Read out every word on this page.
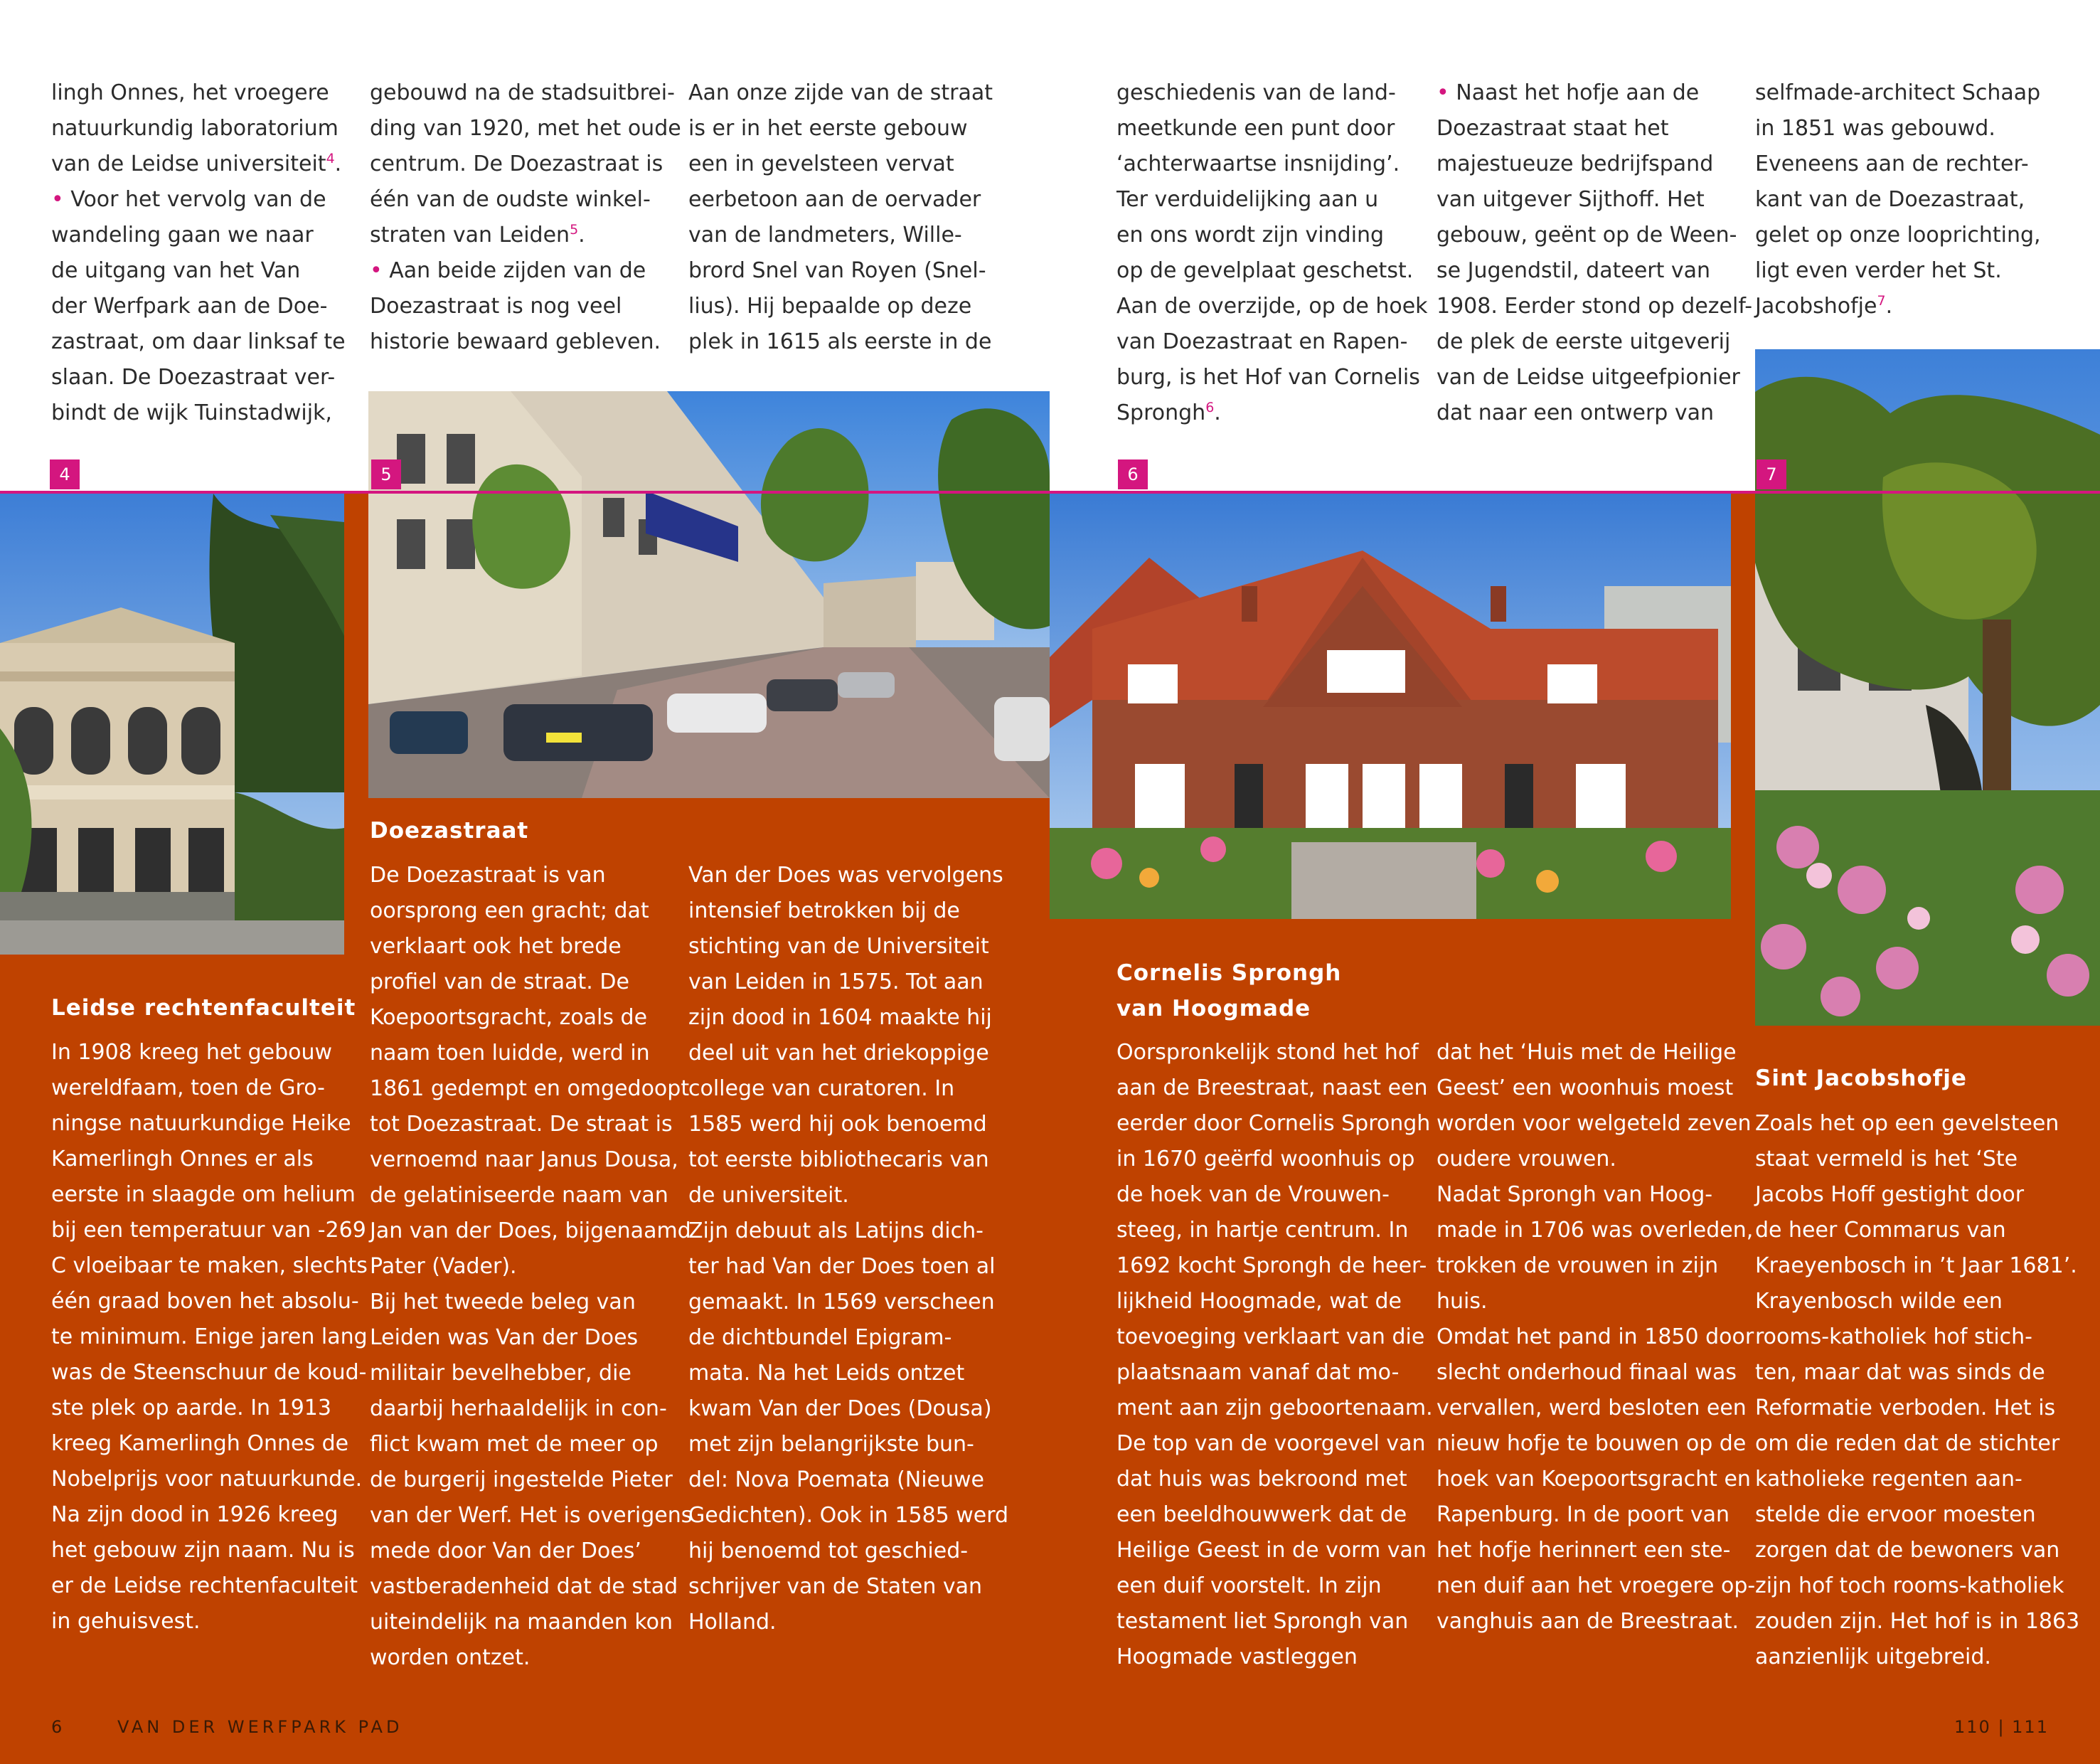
lingh Onnes, het vroegere
natuurkundig laboratorium
van de Leidse universiteit$^4$.
• Voor het vervolg van de
wandeling gaan we naar
de uitgang van het Van
der Werfpark aan de Doe-
zastraat, om daar linksaf te
slaan. De Doezastraat ver-
bindt de wijk Tuinstadwijk,
gebouwd na de stadsuitbrei-
ding van 1920, met het oude
centrum. De Doezastraat is
één van de oudste winkel-
straten van Leiden$^5$.
• Aan beide zijden van de
Doezastraat is nog veel
historie bewaard gebleven.
Aan onze zijde van de straat
is er in het eerste gebouw
een in gevelsteen vervat
eerbetoon aan de oervader
van de landmeters, Wille-
brord Snel van Royen (Snel-
lius). Hij bepaalde op deze
plek in 1615 als eerste in de
geschiedenis van de land-
meetkunde een punt door
‘achterwaartse insnijding’.
Ter verduidelijking aan u
en ons wordt zijn vinding
op de gevelplaat geschetst.
Aan de overzijde, op de hoek
van Doezastraat en Rapen-
burg, is het Hof van Cornelis
Sprongh$^6$.
• Naast het hofje aan de
Doezastraat staat het
majestueuze bedrijfspand
van uitgever Sijthoff. Het
gebouw, geënt op de Ween-
se Jugendstil, dateert van
1908. Eerder stond op dezelf-
de plek de eerste uitgeverij
van de Leidse uitgeefpionier
dat naar een ontwerp van
selfmade-architect Schaap
in 1851 was gebouwd.
Eveneens aan de rechter-
kant van de Doezastraat,
gelet op onze looprichting,
ligt even verder het St.
Jacobshofje$^7$.
4	5	6	7
Leidse rechtenfaculteit
In 1908 kreeg het gebouw
wereldfaam, toen de Gro-
ningse natuurkundige Heike
Kamerlingh Onnes er als
eerste in slaagde om helium
bij een temperatuur van -269
C vloeibaar te maken, slechts
één graad boven het absolu-
te minimum. Enige jaren lang
was de Steenschuur de koud-
ste plek op aarde. In 1913
kreeg Kamerlingh Onnes de
Nobelprijs voor natuurkunde.
Na zijn dood in 1926 kreeg
het gebouw zijn naam. Nu is
er de Leidse rechtenfaculteit
in gehuisvest.
Doezastraat
De Doezastraat is van
oorsprong een gracht; dat
verklaart ook het brede
profiel van de straat. De
Koepoortsgracht, zoals de
naam toen luidde, werd in
1861 gedempt en omgedoopt
tot Doezastraat. De straat is
vernoemd naar Janus Dousa,
de gelatiniseerde naam van
Jan van der Does, bijgenaamd
Pater (Vader).
Bij het tweede beleg van
Leiden was Van der Does
militair bevelhebber, die
daarbij herhaaldelijk in con-
flict kwam met de meer op
de burgerij ingestelde Pieter
van der Werf. Het is overigens
mede door Van der Does’
vastberadenheid dat de stad
uiteindelijk na maanden kon
worden ontzet.
Van der Does was vervolgens
intensief betrokken bij de
stichting van de Universiteit
van Leiden in 1575. Tot aan
zijn dood in 1604 maakte hij
deel uit van het driekoppige
college van curatoren. In
1585 werd hij ook benoemd
tot eerste bibliothecaris van
de universiteit.
Zijn debuut als Latijns dich-
ter had Van der Does toen al
gemaakt. In 1569 verscheen
de dichtbundel Epigram-
mata. Na het Leids ontzet
kwam Van der Does (Dousa)
met zijn belangrijkste bun-
del: Nova Poemata (Nieuwe
Gedichten). Ook in 1585 werd
hij benoemd tot geschied-
schrijver van de Staten van
Holland.
Cornelis Sprongh
van Hoogmade
Oorspronkelijk stond het hof
aan de Breestraat, naast een
eerder door Cornelis Sprongh
in 1670 geërfd woonhuis op
de hoek van de Vrouwen-
steeg, in hartje centrum. In
1692 kocht Sprongh de heer-
lijkheid Hoogmade, wat de
toevoeging verklaart van die
plaatsnaam vanaf dat mo-
ment aan zijn geboortenaam.
De top van de voorgevel van
dat huis was bekroond met
een beeldhouwwerk dat de
Heilige Geest in de vorm van
een duif voorstelt. In zijn
testament liet Sprongh van
Hoogmade vastleggen
dat het ‘Huis met de Heilige
Geest’ een woonhuis moest
worden voor welgeteld zeven
oudere vrouwen.
Nadat Sprongh van Hoog-
made in 1706 was overleden,
trokken de vrouwen in zijn
huis.
Omdat het pand in 1850 door
slecht onderhoud finaal was
vervallen, werd besloten een
nieuw hofje te bouwen op de
hoek van Koepoortsgracht en
Rapenburg. In de poort van
het hofje herinnert een ste-
nen duif aan het vroegere op-
vanghuis aan de Breestraat.
Sint Jacobshofje
Zoals het op een gevelsteen
staat vermeld is het ‘Ste
Jacobs Hoff gestight door
de heer Commarus van
Kraeyenbosch in ’t Jaar 1681’.
Krayenbosch wilde een
rooms-katholiek hof stich-
ten, maar dat was sinds de
Reformatie verboden. Het is
om die reden dat de stichter
katholieke regenten aan-
stelde die ervoor moesten
zorgen dat de bewoners van
zijn hof toch rooms-katholiek
zouden zijn. Het hof is in 1863
aanzienlijk uitgebreid.
6	VAN DER WERFPARK PAD	110 | 111
